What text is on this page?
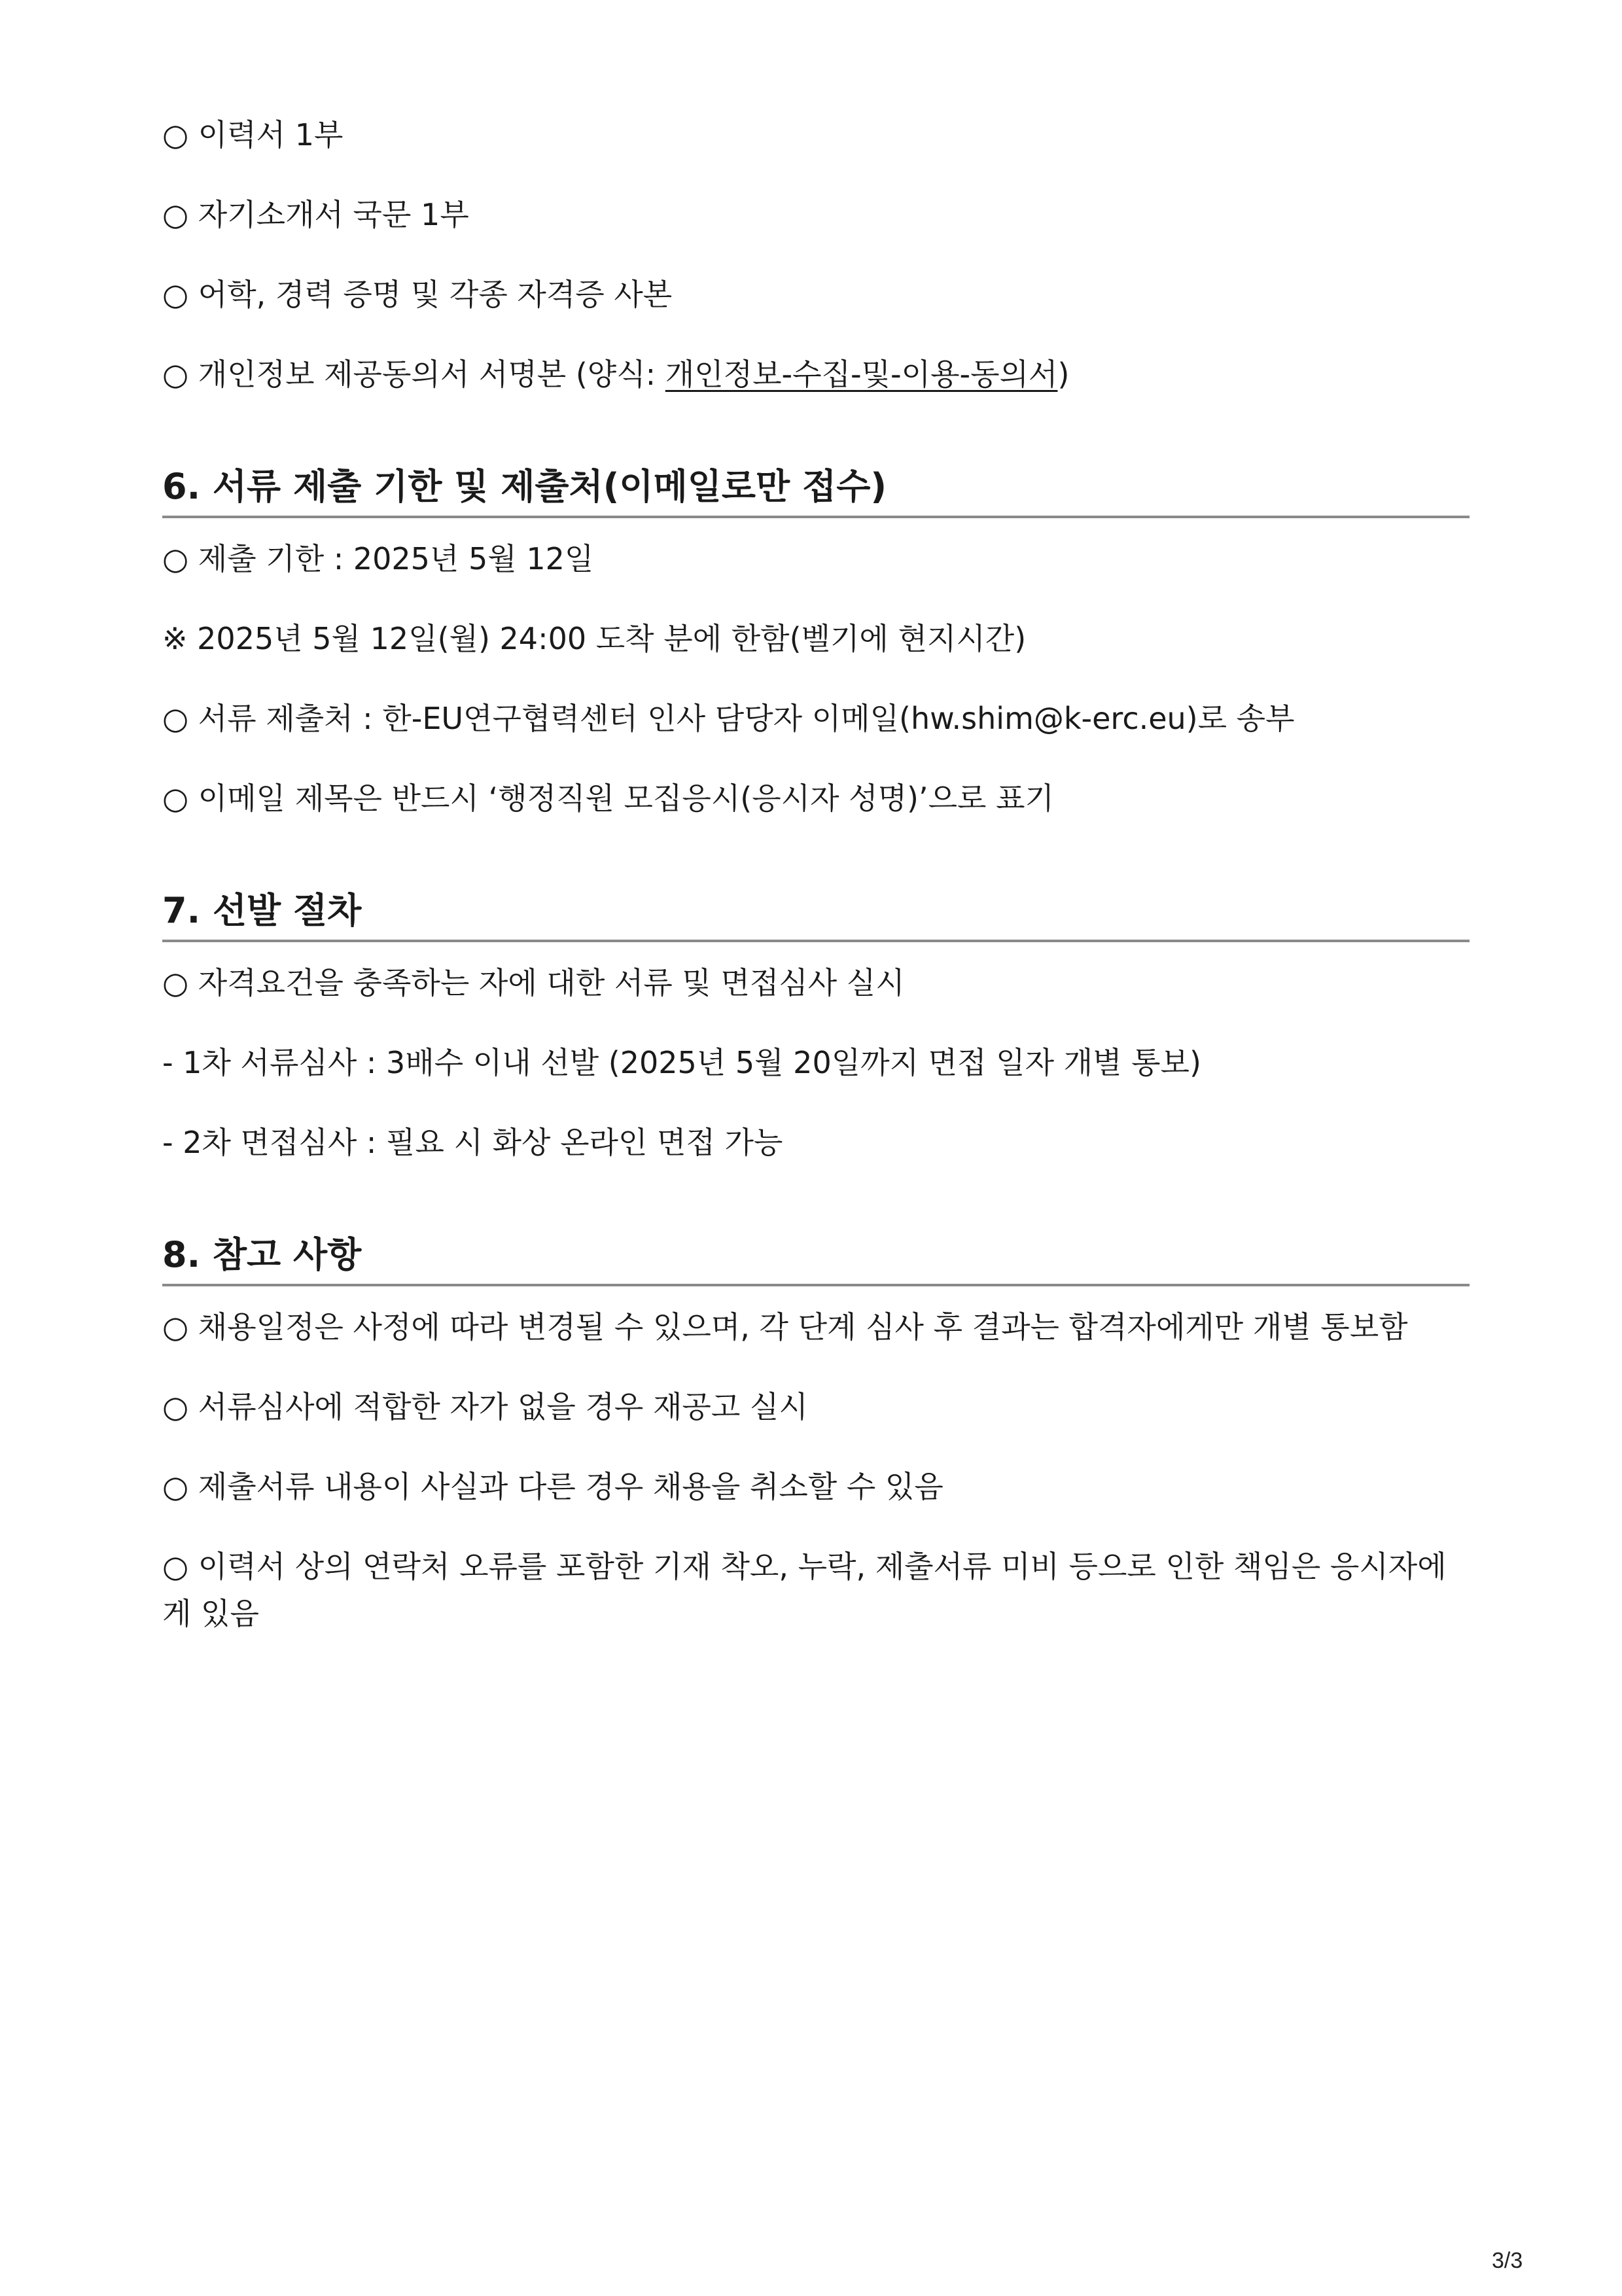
○ 이력서 1부

○ 자기소개서 국문 1부

○ 어학, 경력 증명 및 각종 자격증 사본

○ 개인정보 제공동의서 서명본 (양식: 개인정보-수집-및-이용-동의서)

6. 서류 제출 기한 및 제출처(이메일로만 접수)

○ 제출 기한 : 2025년 5월 12일

※ 2025년 5월 12일(월) 24:00 도착 분에 한함(벨기에 현지시간)

○ 서류 제출처 : 한-EU연구협력센터 인사 담당자 이메일(hw.shim@k-erc.eu)로 송부

○ 이메일 제목은 반드시 ‘행정직원 모집응시(응시자 성명)’으로 표기

7. 선발 절차

○ 자격요건을 충족하는 자에 대한 서류 및 면접심사 실시

- 1차 서류심사 : 3배수 이내 선발 (2025년 5월 20일까지 면접 일자 개별 통보)

- 2차 면접심사 : 필요 시 화상 온라인 면접 가능

8. 참고 사항

○ 채용일정은 사정에 따라 변경될 수 있으며, 각 단계 심사 후 결과는 합격자에게만 개별 통보함

○ 서류심사에 적합한 자가 없을 경우 재공고 실시

○ 제출서류 내용이 사실과 다른 경우 채용을 취소할 수 있음

○ 이력서 상의 연락처 오류를 포함한 기재 착오, 누락, 제출서류 미비 등으로 인한 책임은 응시자에게 있음

3/3
